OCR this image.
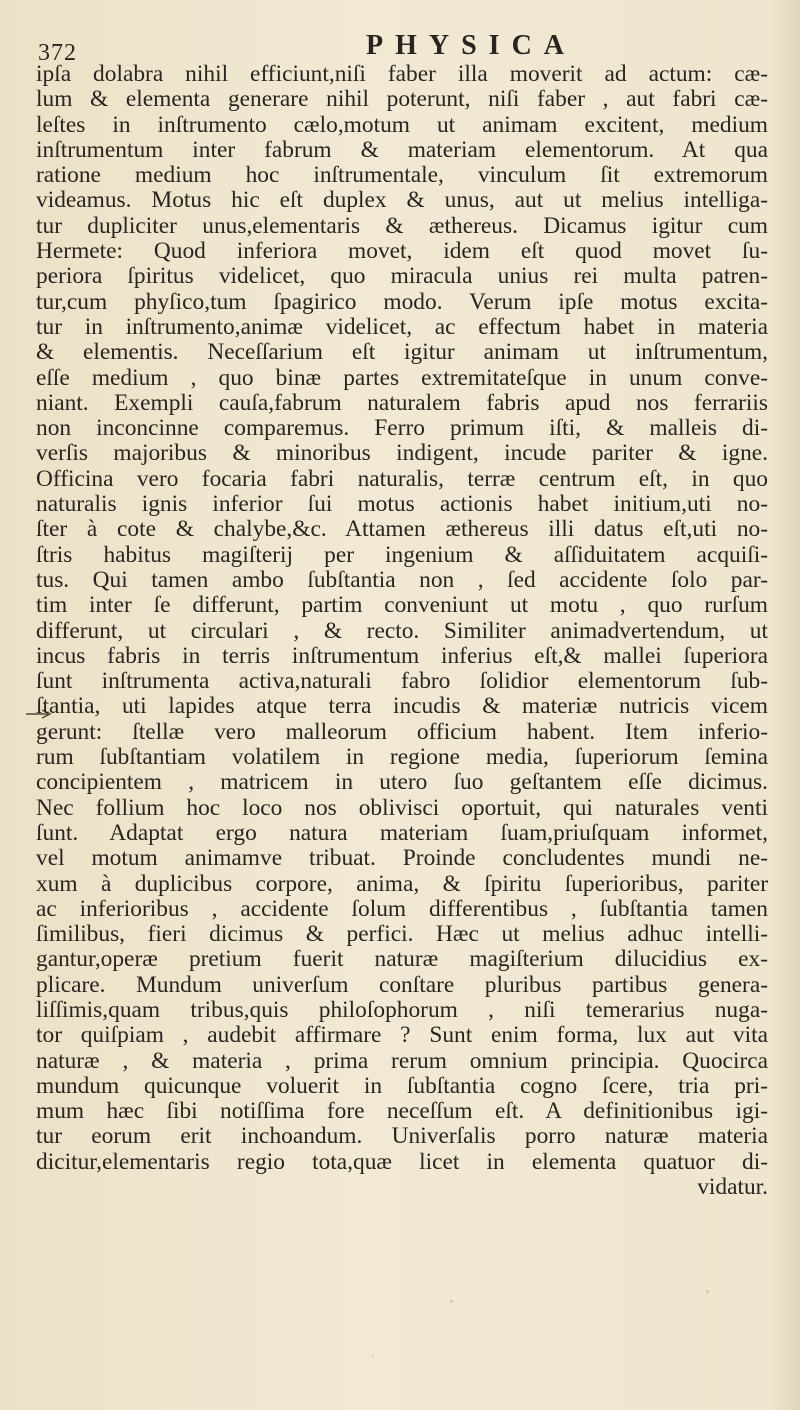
372	PHYSICA
ipſa dolabra nihil efficiunt,niſi faber illa moverit ad actum: cæ-
lum & elementa generare nihil poterunt, niſi faber , aut fabri cæ-
leſtes in inſtrumento cælo,motum ut animam excitent, medium
inſtrumentum inter fabrum & materiam elementorum. At qua
ratione medium hoc inſtrumentale, vinculum ſit extremorum
videamus. Motus hic eſt duplex & unus, aut ut melius intelliga-
tur dupliciter unus,elementaris & æthereus. Dicamus igitur cum
Hermete: Quod inferiora movet, idem eſt quod movet ſu-
periora ſpiritus videlicet, quo miracula unius rei multa patren-
tur,cum phyſico,tum ſpagirico modo. Verum ipſe motus excita-
tur in inſtrumento,animæ videlicet, ac effectum habet in materia
& elementis. Neceſſarium eſt igitur animam ut inſtrumentum,
eſſe medium , quo binæ partes extremitateſque in unum conve-
niant. Exempli cauſa,fabrum naturalem fabris apud nos ferrariis
non inconcinne comparemus. Ferro primum iſti, & malleis di-
verſis majoribus & minoribus indigent, incude pariter & igne.
Officina vero focaria fabri naturalis, terræ centrum eſt, in quo
naturalis ignis inferior ſui motus actionis habet initium,uti no-
ſter à cote & chalybe,&c. Attamen æthereus illi datus eſt,uti no-
ſtris habitus magiſterij per ingenium & aſſiduitatem acquiſi-
tus. Qui tamen ambo ſubſtantia non , ſed accidente ſolo par-
tim inter ſe differunt, partim conveniunt ut motu , quo rurſum
differunt, ut circulari , & recto. Similiter animadvertendum, ut
incus fabris in terris inſtrumentum inferius eſt,& mallei ſuperiora
ſunt inſtrumenta activa,naturali fabro ſolidior elementorum ſub-
ſtantia, uti lapides atque terra incudis & materiæ nutricis vicem
gerunt: ſtellæ vero malleorum officium habent. Item inferio-
rum ſubſtantiam volatilem in regione media, ſuperiorum ſemina
concipientem , matricem in utero ſuo geſtantem eſſe dicimus.
Nec follium hoc loco nos oblivisci oportuit, qui naturales venti
ſunt. Adaptat ergo natura materiam ſuam,priuſquam informet,
vel motum animamve tribuat. Proinde concludentes mundi ne-
xum à duplicibus corpore, anima, & ſpiritu ſuperioribus, pariter
ac inferioribus , accidente ſolum differentibus , ſubſtantia tamen
ſimilibus, fieri dicimus & perfici. Hæc ut melius adhuc intelli-
gantur,operæ pretium fuerit naturæ magiſterium dilucidius ex-
plicare. Mundum univerſum conſtare pluribus partibus genera-
liſſimis,quam tribus,quis philoſophorum , niſi temerarius nuga-
tor quiſpiam , audebit affirmare ? Sunt enim forma, lux aut vita
naturæ , & materia , prima rerum omnium principia. Quocirca
mundum quicunque voluerit in ſubſtantia cogno ſcere, tria pri-
mum hæc ſibi notiſſima fore neceſſum eſt. A definitionibus igi-
tur eorum erit inchoandum. Univerſalis porro naturæ materia
dicitur,elementaris regio tota,quæ licet in elementa quatuor di-
vidatur.
